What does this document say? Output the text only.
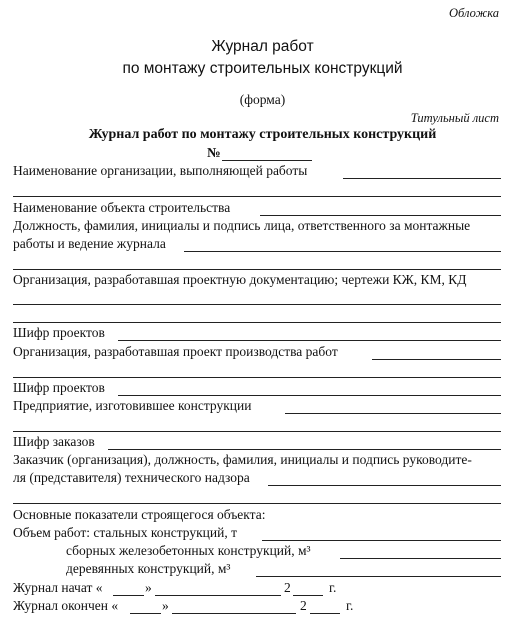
Обложка
Журнал работ
по монтажу строительных конструкций
(форма)
Титульный лист
Журнал работ по монтажу строительных конструкций
№
Наименование организации, выполняющей работы
Наименование объекта строительства
Должность, фамилия, инициалы и подпись лица, ответственного за монтажные
работы и ведение журнала
Организация, разработавшая проектную документацию; чертежи КЖ, КМ, КД
Шифр проектов
Организация, разработавшая проект производства работ
Шифр проектов
Предприятие, изготовившее конструкции
Шифр заказов
Заказчик (организация), должность, фамилия, инициалы и подпись руководите-
ля (представителя) технического надзора
Основные показатели строящегося объекта:
Объем работ: стальных конструкций, т
сборных железобетонных конструкций, м³
деревянных конструкций, м³
Журнал начат «	»	2	г.
Журнал окончен «	»	2	г.
